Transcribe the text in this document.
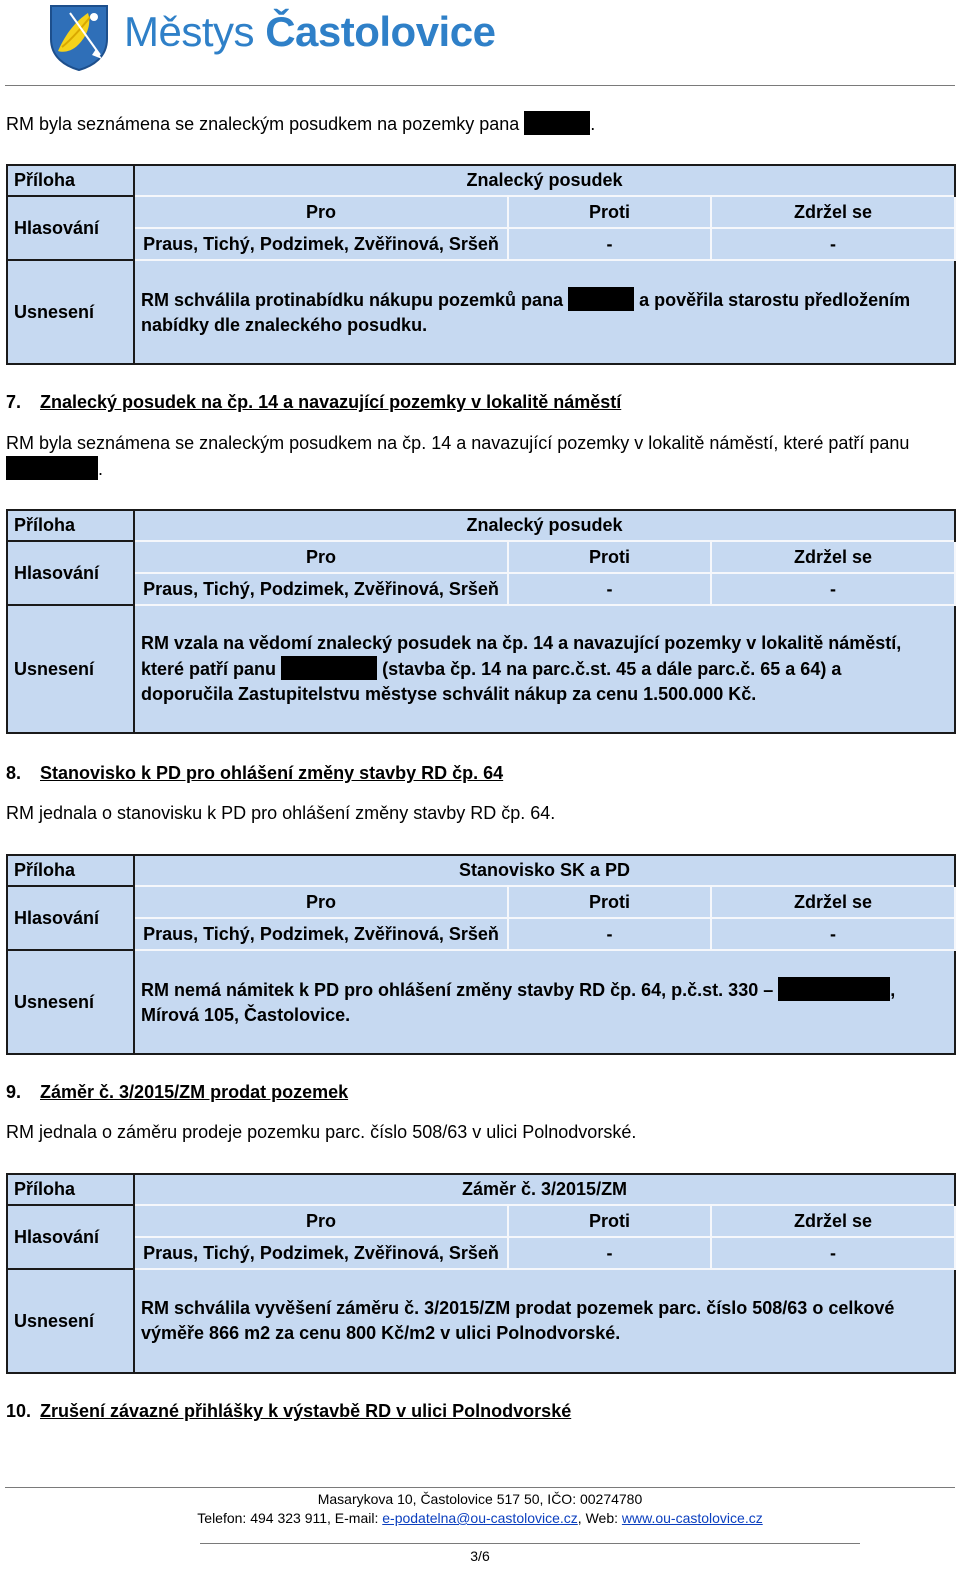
Městys Častolovice
RM byla seznámena se znaleckým posudkem na pozemky pana	.
Příloha	Znalecký posudek		
Hlasování	Pro	Proti	Zdržel se
	Praus, Tichý, Podzimek, Zvěřinová, Sršeň	-	-
Usnesení	RM schválila protinabídku nákupu pozemků pana a pověřila starostu předložením
nabídky dle znaleckého posudku.		
7. Znalecký posudek na čp. 14 a navazující pozemky v lokalitě náměstí
RM byla seznámena se znaleckým posudkem na čp. 14 a navazující pozemky v lokalitě náměstí, které patří panu
.
Příloha	Znalecký posudek		
Hlasování	Pro	Proti	Zdržel se
	Praus, Tichý, Podzimek, Zvěřinová, Sršeň	-	-
Usnesení	RM vzala na vědomí znalecký posudek na čp. 14 a navazující pozemky v lokalitě náměstí,
které patří panu (stavba čp. 14 na parc.č.st. 45 a dále parc.č. 65 a 64) a
doporučila Zastupitelstvu městyse schválit nákup za cenu 1.500.000 Kč.		
8. Stanovisko k PD pro ohlášení změny stavby RD čp. 64
RM jednala o stanovisku k PD pro ohlášení změny stavby RD čp. 64.
Příloha	Stanovisko SK a PD		
Hlasování	Pro	Proti	Zdržel se
	Praus, Tichý, Podzimek, Zvěřinová, Sršeň	-	-
Usnesení	RM nemá námitek k PD pro ohlášení změny stavby RD čp. 64, p.č.st. 330 – ,
Mírová 105, Častolovice.		
9. Záměr č. 3/2015/ZM prodat pozemek
RM jednala o záměru prodeje pozemku parc. číslo 508/63 v ulici Polnodvorské.
Příloha	Záměr č. 3/2015/ZM		
Hlasování	Pro	Proti	Zdržel se
	Praus, Tichý, Podzimek, Zvěřinová, Sršeň	-	-
Usnesení	RM schválila vyvěšení záměru č. 3/2015/ZM prodat pozemek parc. číslo 508/63 o celkové
výměře 866 m2 za cenu 800 Kč/m2 v ulici Polnodvorské.		
10. Zrušení závazné přihlášky k výstavbě RD v ulici Polnodvorské
Masarykova 10, Častolovice 517 50, IČO: 00274780
Telefon: 494 323 911, E-mail: e-podatelna@ou-castolovice.cz, Web: www.ou-castolovice.cz
3/6
